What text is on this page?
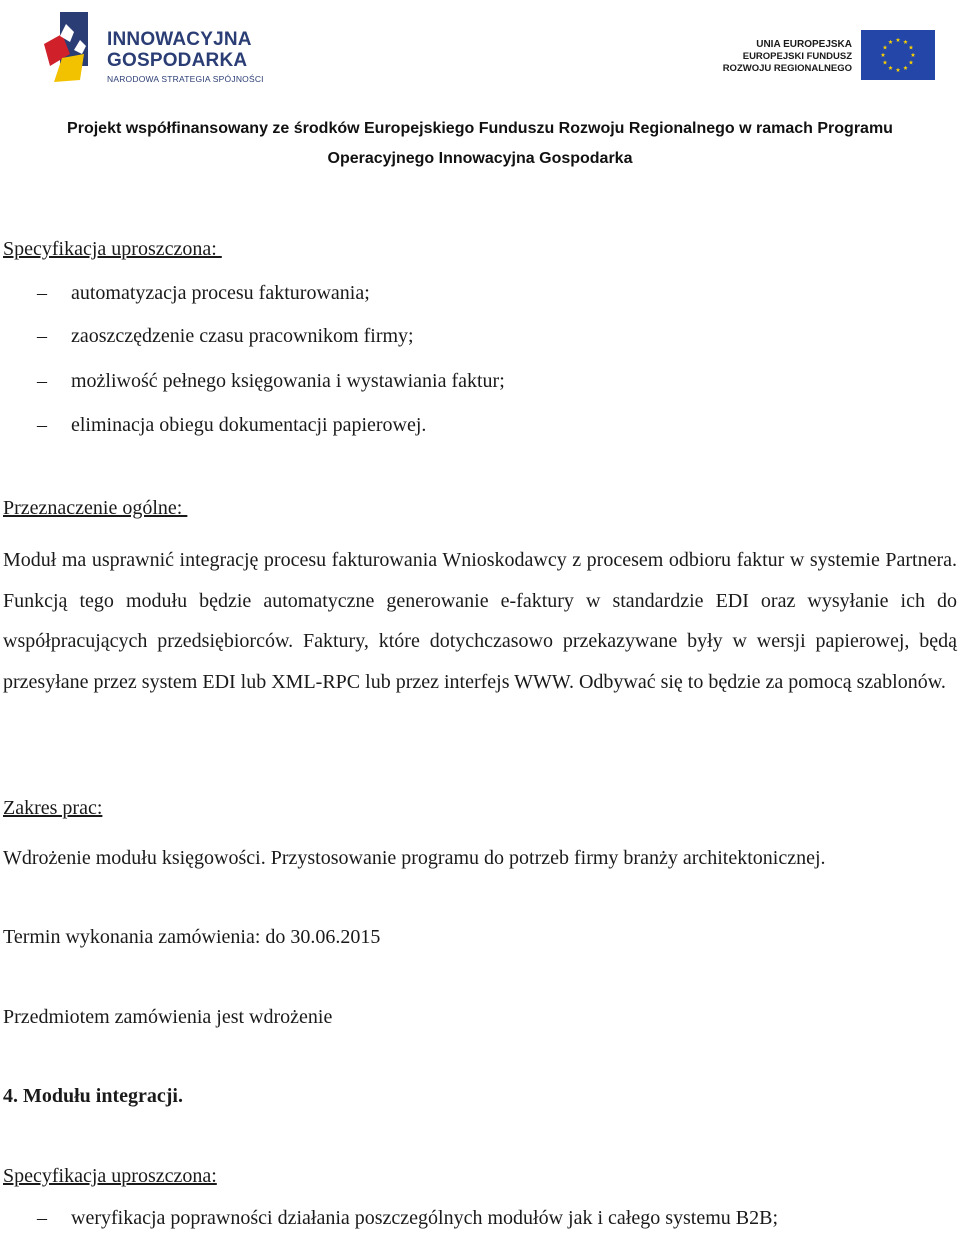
INNOWACYJNA
GOSPODARKA
NARODOWA STRATEGIA SPÓJNOŚCI
UNIA EUROPEJSKA
EUROPEJSKI FUNDUSZ
ROZWOJU REGIONALNEGO
Projekt współfinansowany ze środków Europejskiego Funduszu Rozwoju Regionalnego w ramach Programu
Operacyjnego Innowacyjna Gospodarka
Specyfikacja uproszczona:
– automatyzacja procesu fakturowania;
– zaoszczędzenie czasu pracownikom firmy;
– możliwość pełnego księgowania i wystawiania faktur;
– eliminacja obiegu dokumentacji papierowej.
Przeznaczenie ogólne:
Moduł ma usprawnić integrację procesu fakturowania Wnioskodawcy z procesem odbioru faktur w systemie Partnera. Funkcją tego modułu będzie automatyczne generowanie e-faktury w standardzie EDI oraz wysyłanie ich do współpracujących przedsiębiorców. Faktury, które dotychczasowo przekazywane były w wersji papierowej, będą przesyłane przez system EDI lub XML-RPC lub przez interfejs WWW. Odbywać się to będzie za pomocą szablonów.
Zakres prac:
Wdrożenie modułu księgowości. Przystosowanie programu do potrzeb firmy branży architektonicznej.
Termin wykonania zamówienia: do 30.06.2015
Przedmiotem zamówienia jest wdrożenie
4. Modułu integracji.
Specyfikacja uproszczona:
– weryfikacja poprawności działania poszczególnych modułów jak i całego systemu B2B;
